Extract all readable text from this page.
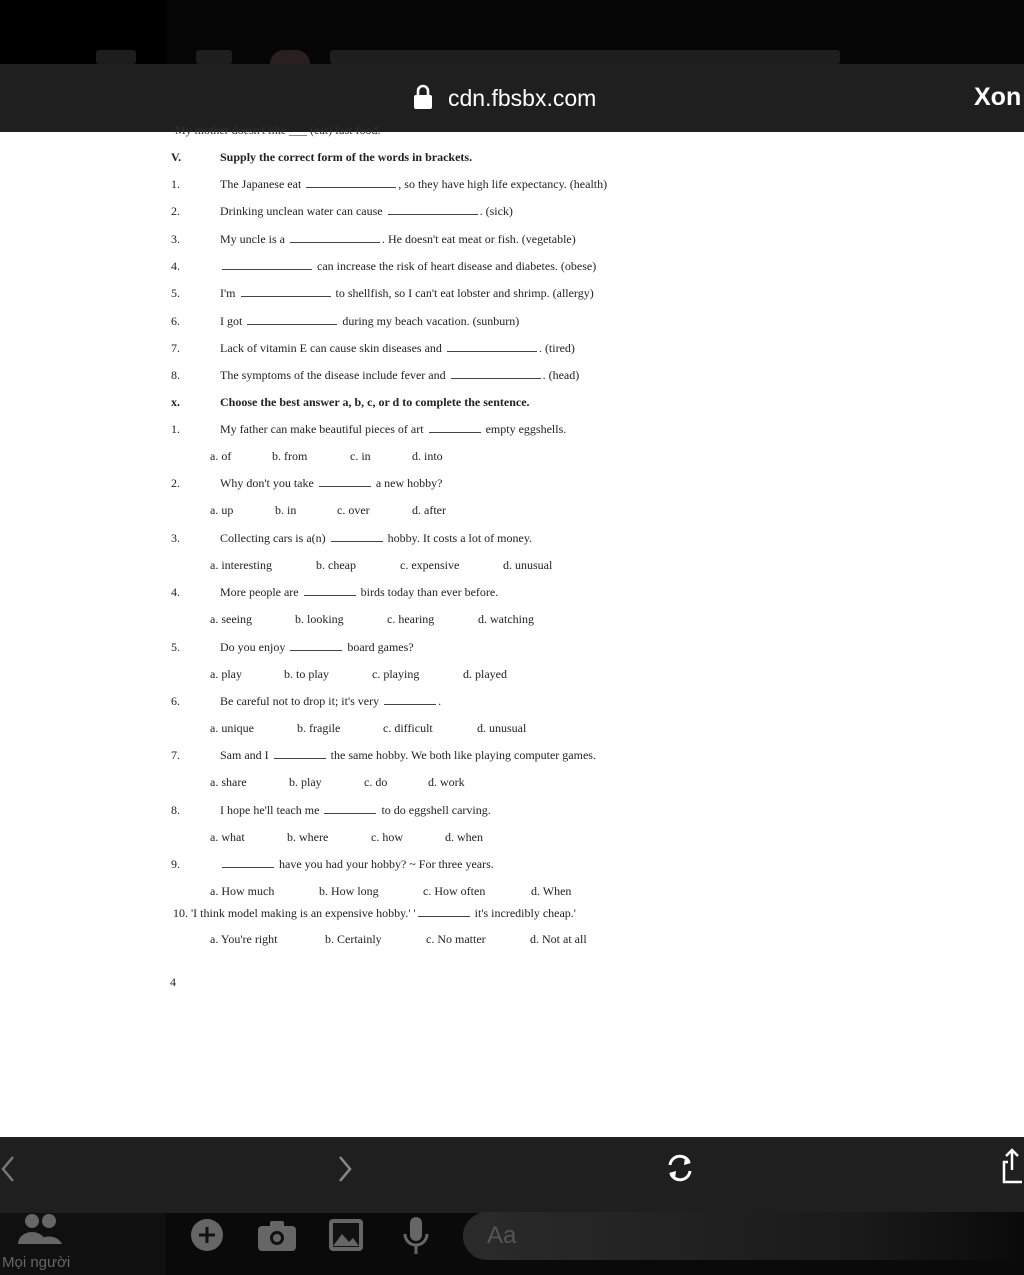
cdn.fbsbx.com	Xon
My mother doesn't like ___ (eat) fast food.
V.	Supply the correct form of the words in brackets.
1.	The Japanese eat	, so they have high life expectancy. (health)
2.	Drinking unclean water can cause	. (sick)
3.	My uncle is a	. He doesn't eat meat or fish. (vegetable)
4.	can increase the risk of heart disease and diabetes. (obese)
5.	I'm	to shellfish, so I can't eat lobster and shrimp. (allergy)
6.	I got	during my beach vacation. (sunburn)
7.	Lack of vitamin E can cause skin diseases and	. (tired)
8.	The symptoms of the disease include fever and	. (head)
x.	Choose the best answer a, b, c, or d to complete the sentence.
1.	My father can make beautiful pieces of art	empty eggshells.
a. of	b. from	c. in	d. into
2.	Why don't you take	a new hobby?
a. up	b. in	c. over	d. after
3.	Collecting cars is a(n)	hobby. It costs a lot of money.
a. interesting	b. cheap	c. expensive	d. unusual
4.	More people are	birds today than ever before.
a. seeing	b. looking	c. hearing	d. watching
5.	Do you enjoy	board games?
a. play	b. to play	c. playing	d. played
6.	Be careful not to drop it; it's very	.
a. unique	b. fragile	c. difficult	d. unusual
7.	Sam and I	the same hobby. We both like playing computer games.
a. share	b. play	c. do	d. work
8.	I hope he'll teach me	to do eggshell carving.
a. what	b. where	c. how	d. when
9.	have you had your hobby? ~ For three years.
a. How much	b. How long	c. How often	d. When
10. 'I think model making is an expensive hobby.' '	it's incredibly cheap.'
a. You're right	b. Certainly	c. No matter	d. Not at all
4
Mọi người
Aa
